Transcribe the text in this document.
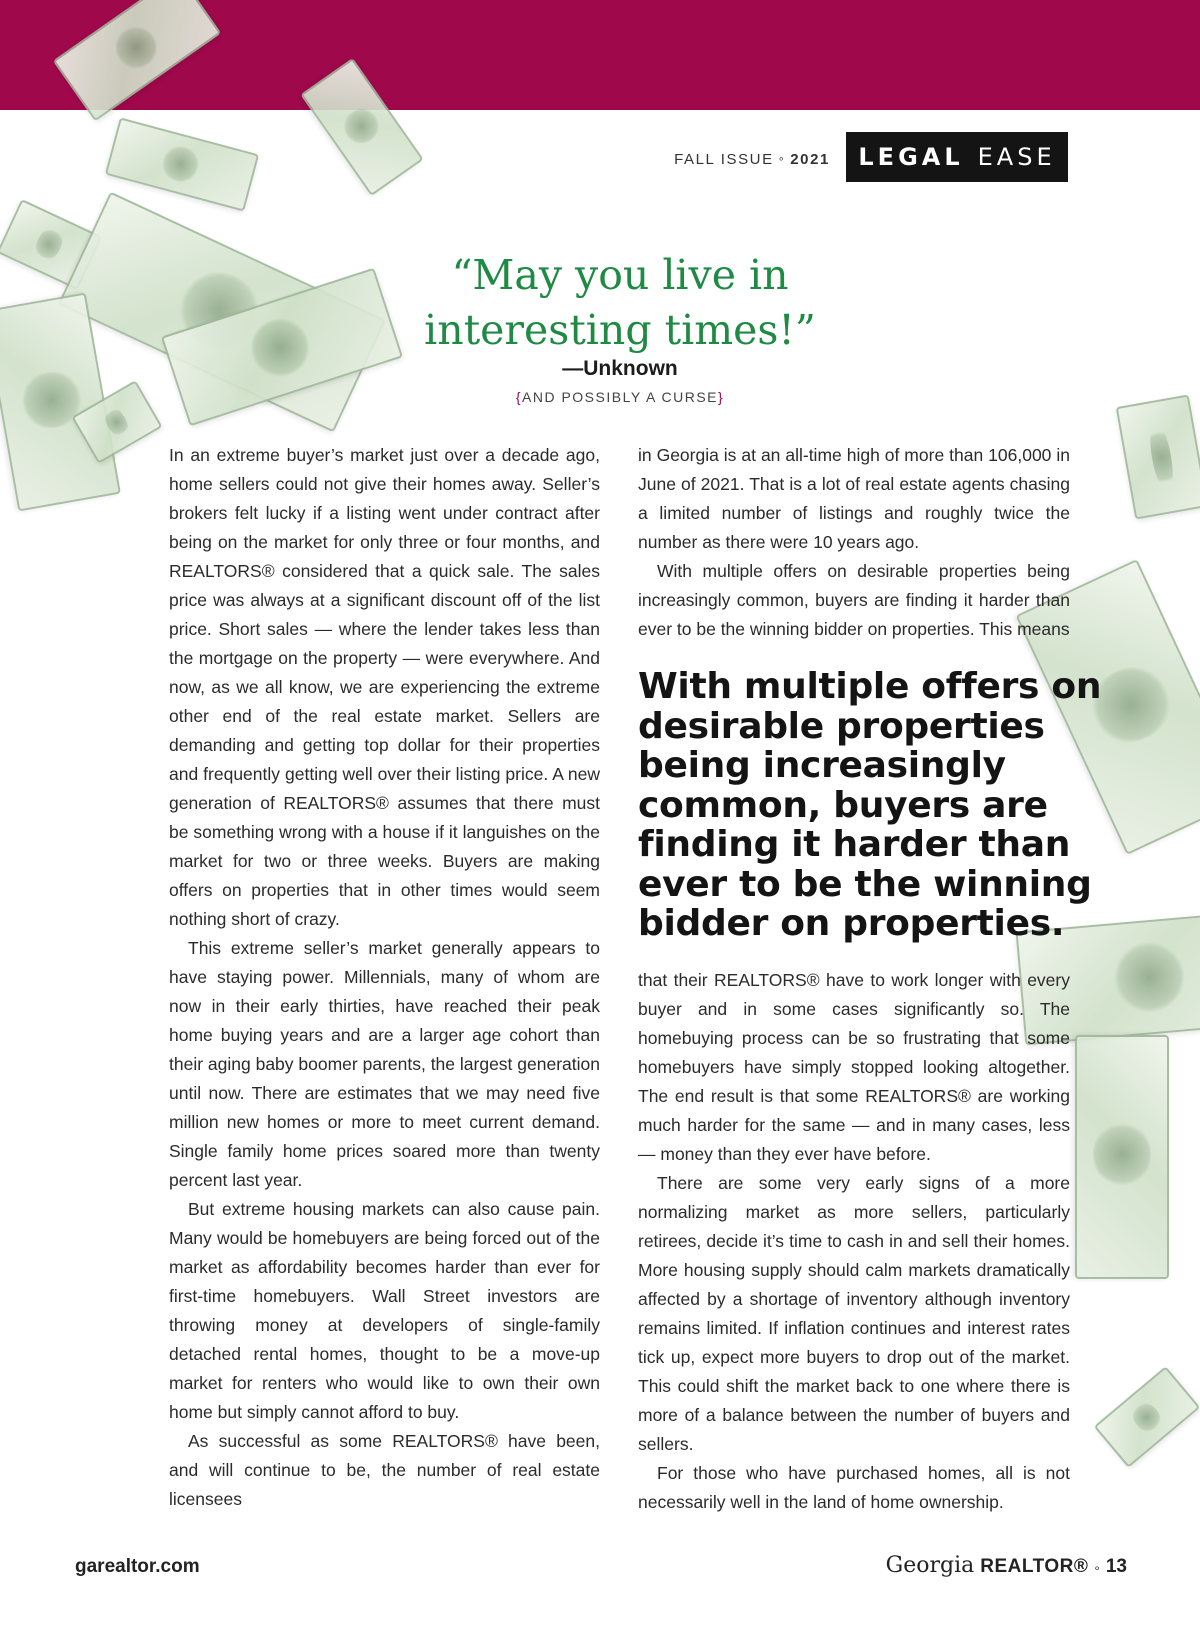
FALL ISSUE ∘ 2021 LEGAL EASE
“May you live in
interesting times!”
—Unknown
{AND POSSIBLY A CURSE}

In an extreme buyer’s market just over a decade ago, home sellers could not give their homes away. Seller’s brokers felt lucky if a listing went under contract after being on the market for only three or four months, and REALTORS® considered that a quick sale. The sales price was always at a significant discount off of the list price. Short sales — where the lender takes less than the mortgage on the property — were everywhere. And now, as we all know, we are experiencing the extreme other end of the real estate market. Sellers are demanding and getting top dollar for their properties and frequently getting well over their listing price. A new generation of REALTORS® assumes that there must be something wrong with a house if it languishes on the market for two or three weeks. Buyers are making offers on properties that in other times would seem nothing short of crazy.

This extreme seller’s market generally appears to have staying power. Millennials, many of whom are now in their early thirties, have reached their peak home buying years and are a larger age cohort than their aging baby boomer parents, the largest generation until now. There are estimates that we may need five million new homes or more to meet current demand. Single family home prices soared more than twenty percent last year.

But extreme housing markets can also cause pain. Many would be homebuyers are being forced out of the market as affordability becomes harder than ever for first-time homebuyers. Wall Street investors are throwing money at developers of single-family detached rental homes, thought to be a move-up market for renters who would like to own their own home but simply cannot afford to buy.

As successful as some REALTORS® have been, and will continue to be, the number of real estate licensees

in Georgia is at an all-time high of more than 106,000 in June of 2021. That is a lot of real estate agents chasing a limited number of listings and roughly twice the number as there were 10 years ago.

With multiple offers on desirable properties being increasingly common, buyers are finding it harder than ever to be the winning bidder on properties. This means

With multiple offers on desirable properties being increasingly common, buyers are finding it harder than ever to be the winning bidder on properties.

that their REALTORS® have to work longer with every buyer and in some cases significantly so. The homebuying process can be so frustrating that some homebuyers have simply stopped looking altogether. The end result is that some REALTORS® are working much harder for the same — and in many cases, less — money than they ever have before.

There are some very early signs of a more normalizing market as more sellers, particularly retirees, decide it’s time to cash in and sell their homes. More housing supply should calm markets dramatically affected by a shortage of inventory although inventory remains limited. If inflation continues and interest rates tick up, expect more buyers to drop out of the market. This could shift the market back to one where there is more of a balance between the number of buyers and sellers.

For those who have purchased homes, all is not necessarily well in the land of home ownership.

garealtor.com	Georgia REALTOR® ∘ 13
